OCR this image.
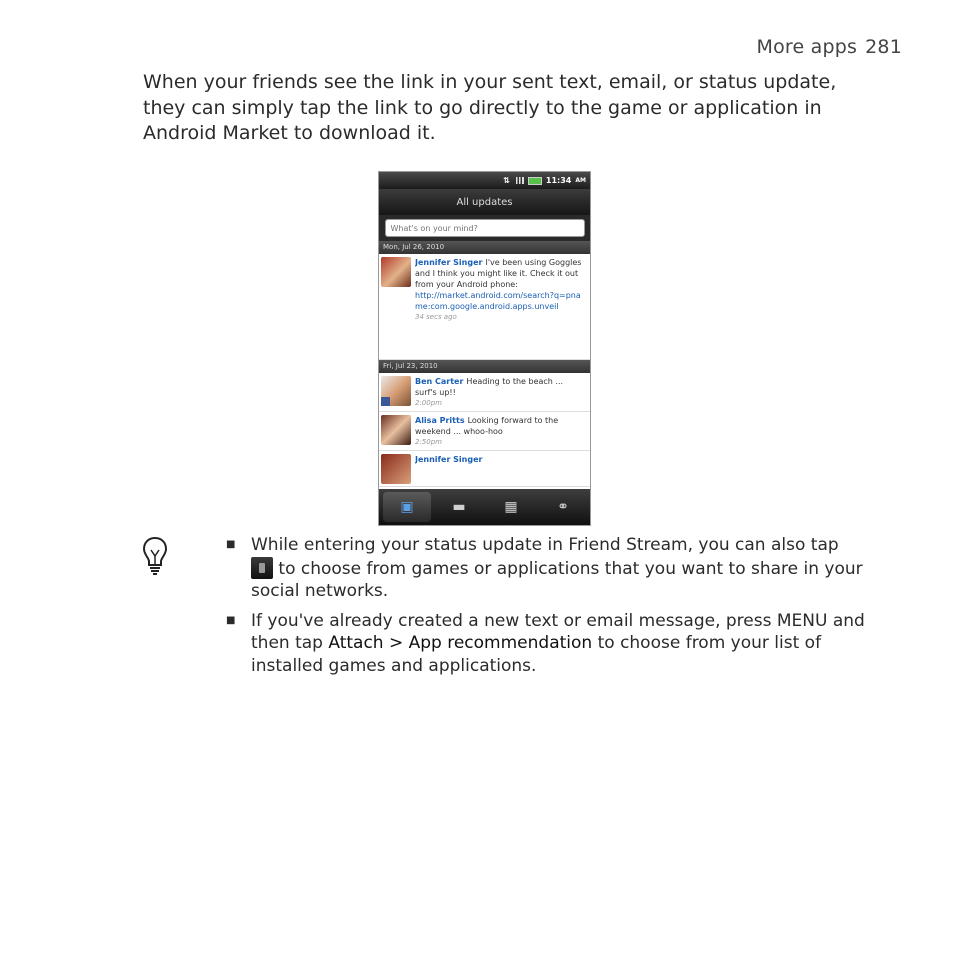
More apps 281
When your friends see the link in your sent text, email, or status update, they can simply tap the link to go directly to the game or application in Android Market to download it.
⇅	11:34 AM
All updates
What's on your mind?
Mon, Jul 26, 2010
Jennifer Singer I've been using Goggles and I think you might like it. Check it out from your Android phone:
http://market.android.com/search?q=pname:com.google.android.apps.unveil
34 secs ago
Fri, Jul 23, 2010
Ben Carter Heading to the beach ... surf's up!!
2:00pm
Alisa Pritts Looking forward to the weekend ... whoo-hoo
2:50pm
Jennifer Singer
▣	▬	▦	⚭
■ While entering your status update in Friend Stream, you can also tap  to choose from games or applications that you want to share in your social networks.
■ If you've already created a new text or email message, press MENU and then tap Attach > App recommendation to choose from your list of installed games and applications.
